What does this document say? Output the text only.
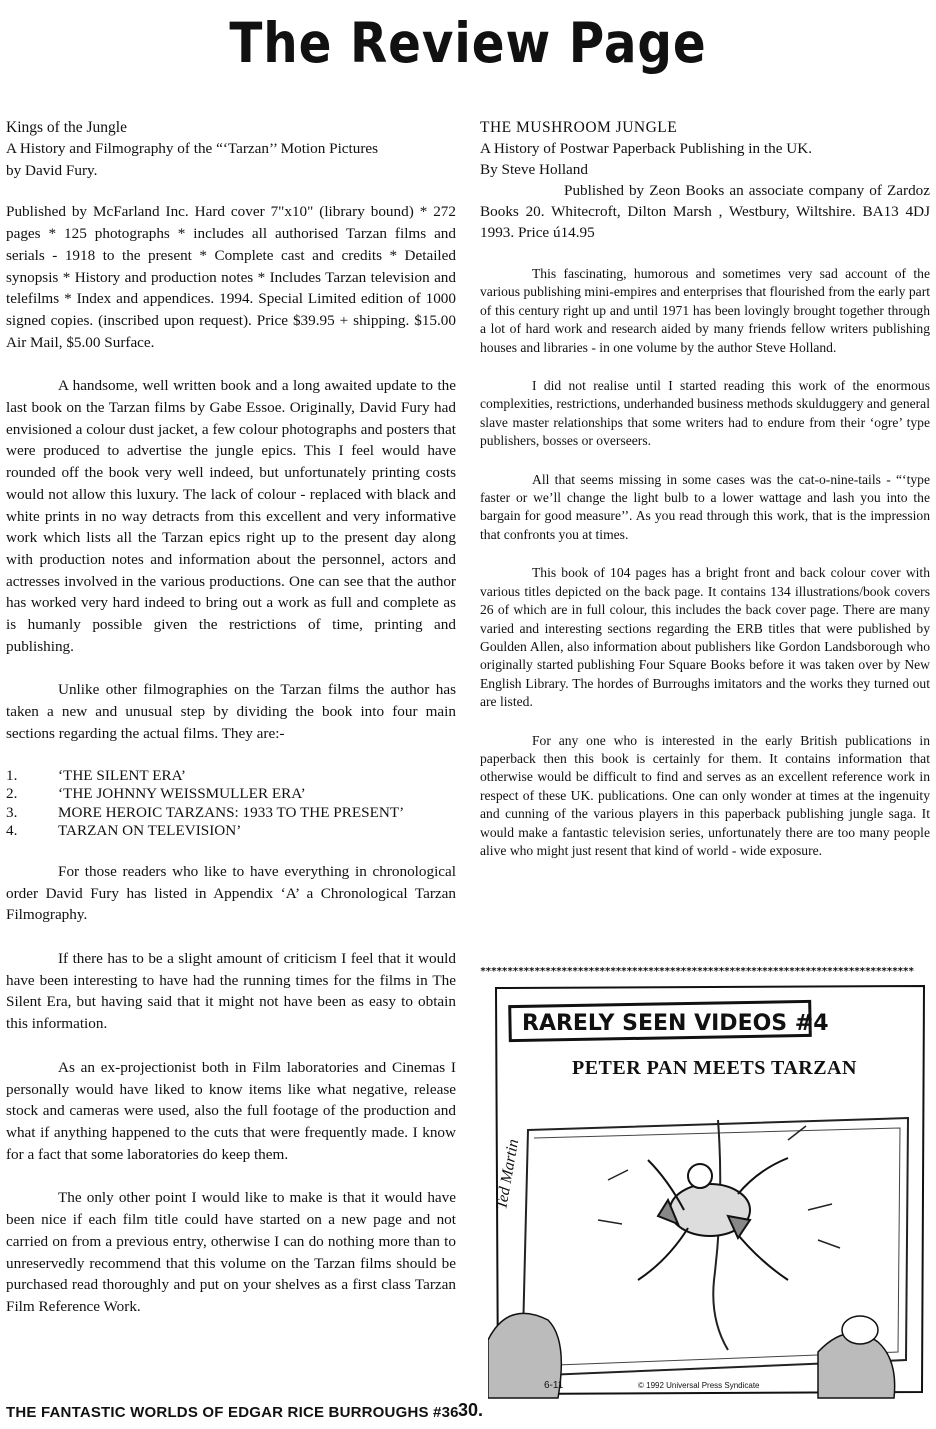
The Review Page
Kings of the Jungle

A History and Filmography of the “‘Tarzan’’ Motion Pictures

by David Fury.

Published by McFarland Inc. Hard cover 7"x10" (library bound) * 272 pages * 125 photographs * includes all authorised Tarzan films and serials - 1918 to the present * Complete cast and credits * Detailed synopsis * History and production notes * Includes Tarzan television and telefilms * Index and appendices. 1994. Special Limited edition of 1000 signed copies. (inscribed upon request). Price $39.95 + shipping. $15.00 Air Mail, $5.00 Surface.

A handsome, well written book and a long awaited update to the last book on the Tarzan films by Gabe Essoe. Originally, David Fury had envisioned a colour dust jacket, a few colour photographs and posters that were produced to advertise the jungle epics. This I feel would have rounded off the book very well indeed, but unfortunately printing costs would not allow this luxury. The lack of colour - replaced with black and white prints in no way detracts from this excellent and very informative work which lists all the Tarzan epics right up to the present day along with production notes and information about the personnel, actors and actresses involved in the various productions. One can see that the author has worked very hard indeed to bring out a work as full and complete as is humanly possible given the restrictions of time, printing and publishing.

Unlike other filmographies on the Tarzan films the author has taken a new and unusual step by dividing the book into four main sections regarding the actual films. They are:-

1.	‘THE SILENT ERA’
2.	‘THE JOHNNY WEISSMULLER ERA’
3.	MORE HEROIC TARZANS: 1933 TO THE PRESENT’
4.	TARZAN ON TELEVISION’

For those readers who like to have everything in chronological order David Fury has listed in Appendix ‘A’ a Chronological Tarzan Filmography.

If there has to be a slight amount of criticism I feel that it would have been interesting to have had the running times for the films in The Silent Era, but having said that it might not have been as easy to obtain this information.

As an ex-projectionist both in Film laboratories and Cinemas I personally would have liked to know items like what negative, release stock and cameras were used, also the full footage of the production and what if anything happened to the cuts that were frequently made. I know for a fact that some laboratories do keep them.

The only other point I would like to make is that it would have been nice if each film title could have started on a new page and not carried on from a previous entry, otherwise I can do nothing more than to unreservedly recommend that this volume on the Tarzan films should be purchased read thoroughly and put on your shelves as a first class Tarzan Film Reference Work.

THE MUSHROOM JUNGLE

A History of Postwar Paperback Publishing in the UK.

By Steve Holland

Published by Zeon Books an associate company of Zardoz Books 20. Whitecroft, Dilton Marsh , Westbury, Wiltshire. BA13 4DJ 1993. Price ú14.95

This fascinating, humorous and sometimes very sad account of the various publishing mini-empires and enterprises that flourished from the early part of this century right up and until 1971 has been lovingly brought together through a lot of hard work and research aided by many friends fellow writers publishing houses and libraries - in one volume by the author Steve Holland.

I did not realise until I started reading this work of the enormous complexities, restrictions, underhanded business methods skulduggery and general slave master relationships that some writers had to endure from their ‘ogre’ type publishers, bosses or overseers.

All that seems missing in some cases was the cat-o-nine-tails - “‘type faster or we’ll change the light bulb to a lower wattage and lash you into the bargain for good measure’’. As you read through this work, that is the impression that confronts you at times.

This book of 104 pages has a bright front and back colour cover with various titles depicted on the back page. It contains 134 illustrations/book covers 26 of which are in full colour, this includes the back cover page. There are many varied and interesting sections regarding the ERB titles that were published by Goulden Allen, also information about publishers like Gordon Landsborough who originally started publishing Four Square Books before it was taken over by New English Library. The hordes of Burroughs imitators and the works they turned out are listed.

For any one who is interested in the early British publications in paperback then this book is certainly for them. It contains information that otherwise would be difficult to find and serves as an excellent reference work in respect of these UK. publications. One can only wonder at times at the ingenuity and cunning of the various players in this paperback publishing jungle saga. It would make a fantastic television series, unfortunately there are too many people alive who might just resent that kind of world - wide exposure.

********************************************************************************
RARELY SEEN VIDEOS #4
PETER PAN MEETS TARZAN
Ted Martin
6-11	© 1992 Universal Press Syndicate
THE FANTASTIC WORLDS OF EDGAR RICE BURROUGHS #36 30.
